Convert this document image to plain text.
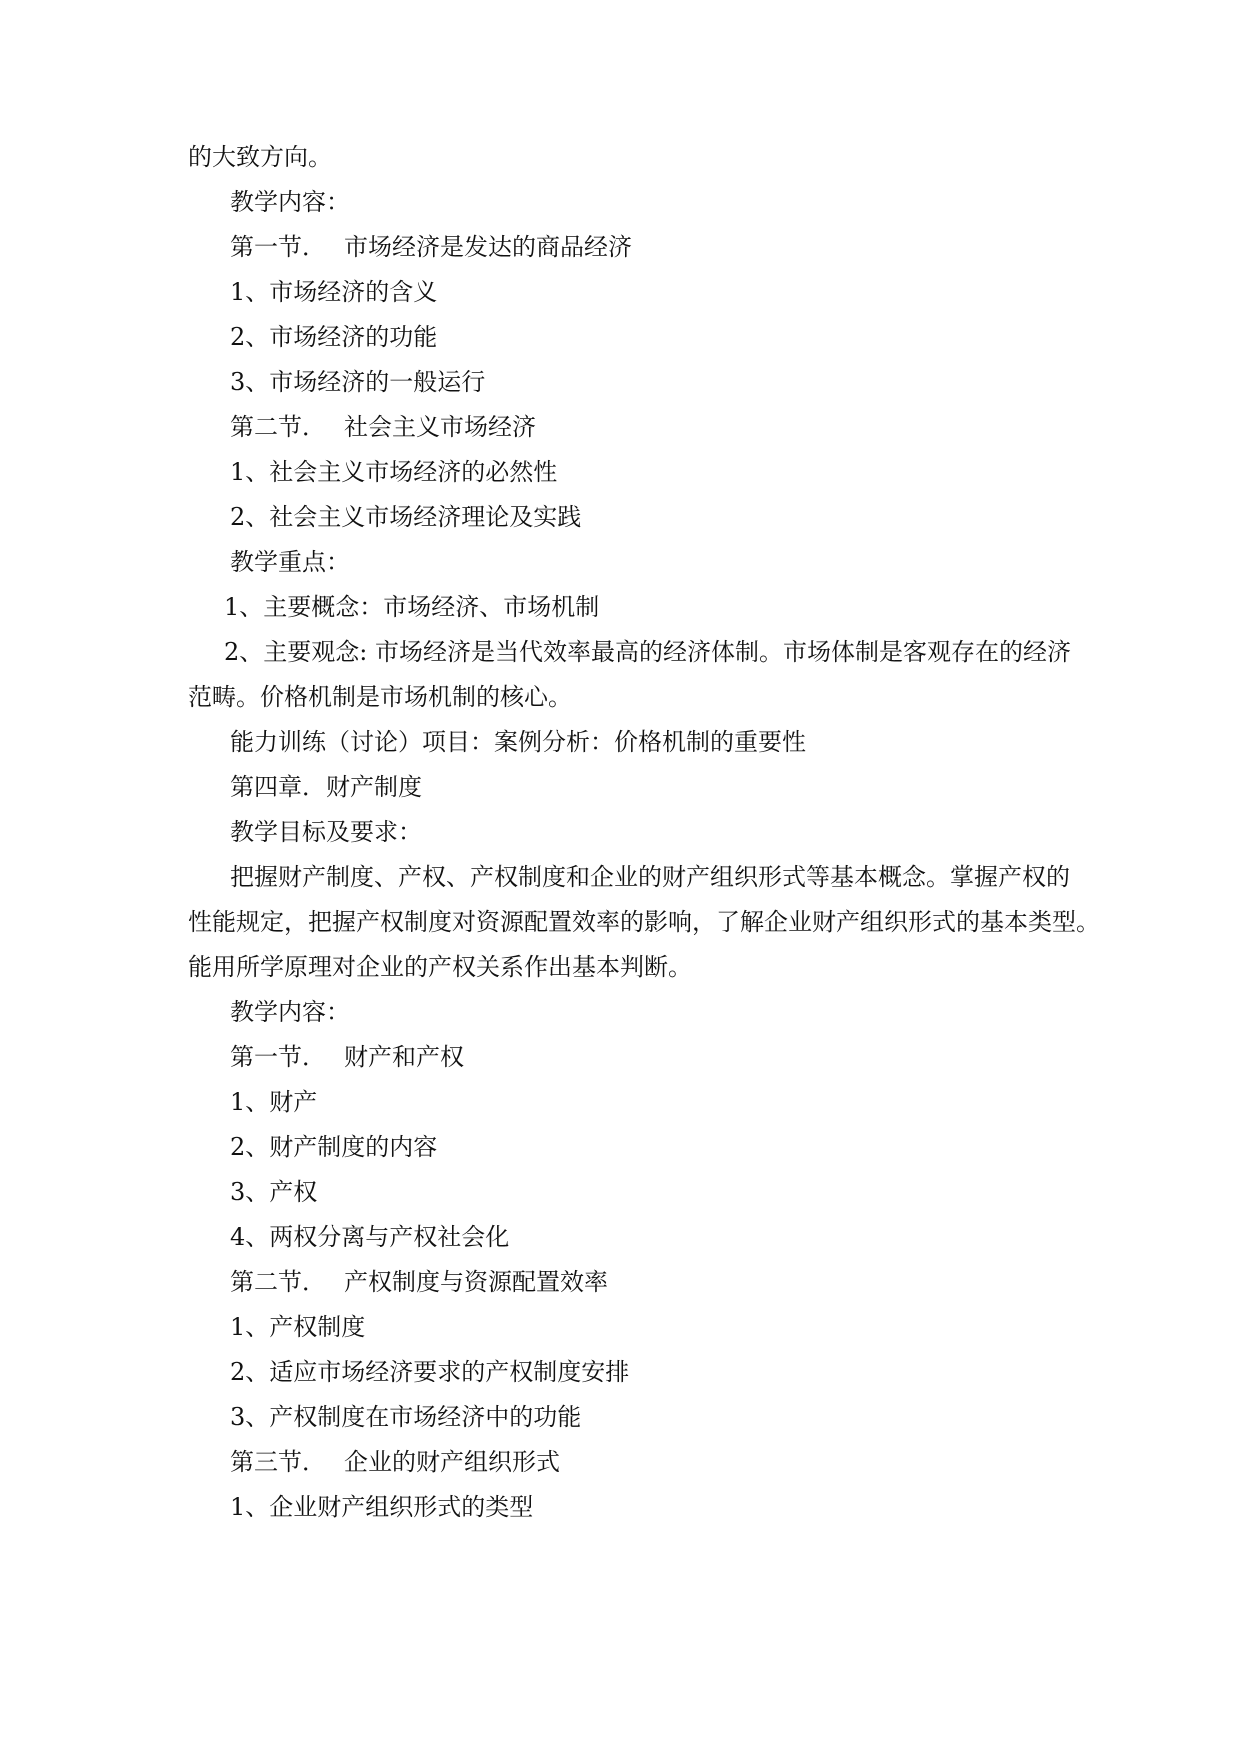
的大致方向。
教学内容：
第一节． 市场经济是发达的商品经济
1、市场经济的含义
2、市场经济的功能
3、市场经济的一般运行
第二节． 社会主义市场经济
1、社会主义市场经济的必然性
2、社会主义市场经济理论及实践
教学重点：
1、主要概念：市场经济、市场机制
2、主要观念: 市场经济是当代效率最高的经济体制。市场体制是客观存在的经济
范畴。价格机制是市场机制的核心。
能力训练（讨论）项目：案例分析：价格机制的重要性
第四章．财产制度
教学目标及要求：
把握财产制度、产权、产权制度和企业的财产组织形式等基本概念。掌握产权的
性能规定，把握产权制度对资源配置效率的影响，了解企业财产组织形式的基本类型。
能用所学原理对企业的产权关系作出基本判断。
教学内容：
第一节． 财产和产权
1、财产
2、财产制度的内容
3、产权
4、两权分离与产权社会化
第二节． 产权制度与资源配置效率
1、产权制度
2、适应市场经济要求的产权制度安排
3、产权制度在市场经济中的功能
第三节． 企业的财产组织形式
1、企业财产组织形式的类型
